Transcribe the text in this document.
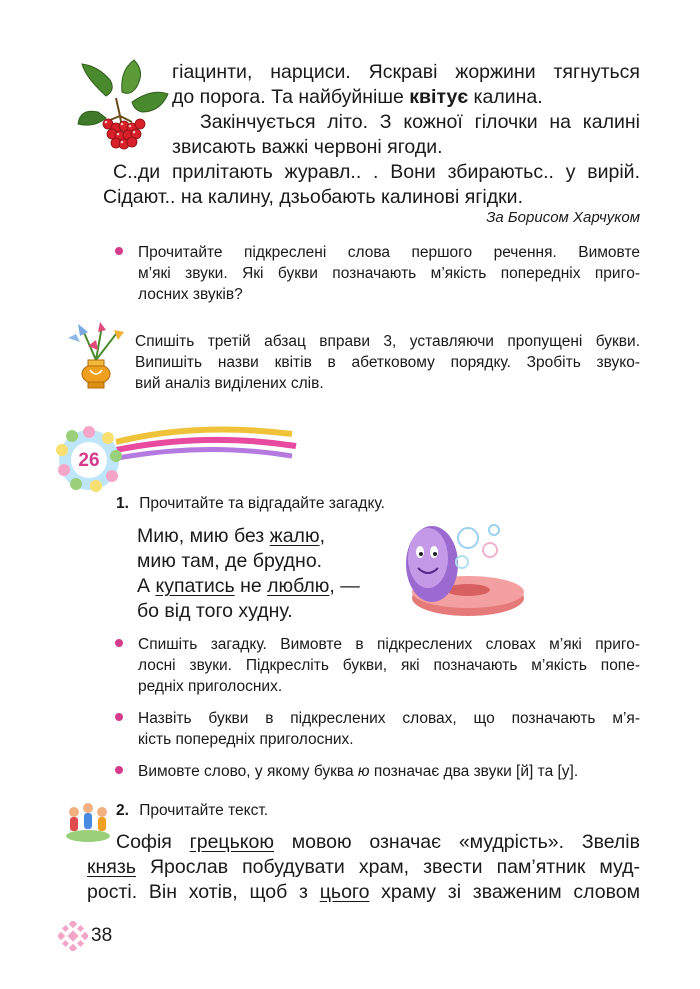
гіацинти, нарциси. Яскраві жоржини тягнуться
до порога. Та найбуйніше квітує калина.
Закінчується літо. З кожної гілочки на калині
звисають важкі червоні ягоди.
С..ди прилітають журавл.. . Вони збираютьс.. у вирій.
Сідают.. на калину, дзьобають калинові ягідки.
За Борисом Харчуком
Прочитайте підкреслені слова першого речення. Вимовте
м’які звуки. Які букви позначають м’якість попередніх пригo-
лосних звуків?
Спишіть третій абзац вправи 3, уставляючи пропущені букви.
Випишіть назви квітів в абетковому порядку. Зробіть звуко-
вий аналіз виділених слів.
26
1. Прочитайте та відгадайте загадку.
Мию, мию без жалю,
мию там, де брудно.
А купатись не люблю, —
бо від того худну.
Спишіть загадку. Вимовте в підкреслених словах м’які приго-
лосні звуки. Підкресліть букви, які позначають м’якість попе-
редніх приголосних.
Назвіть букви в підкреслених словах, що позначають м’я-
кість попередніх приголосних.
Вимовте слово, у якому буква ю позначає два звуки [й] та [у].
2. Прочитайте текст.
Софія грецькою мовою означає «мудрість». Звелів
князь Ярослав побудувати храм, звести пам’ятник муд-
рості. Він хотів, щоб з цього храму зі зваженим словом
38
